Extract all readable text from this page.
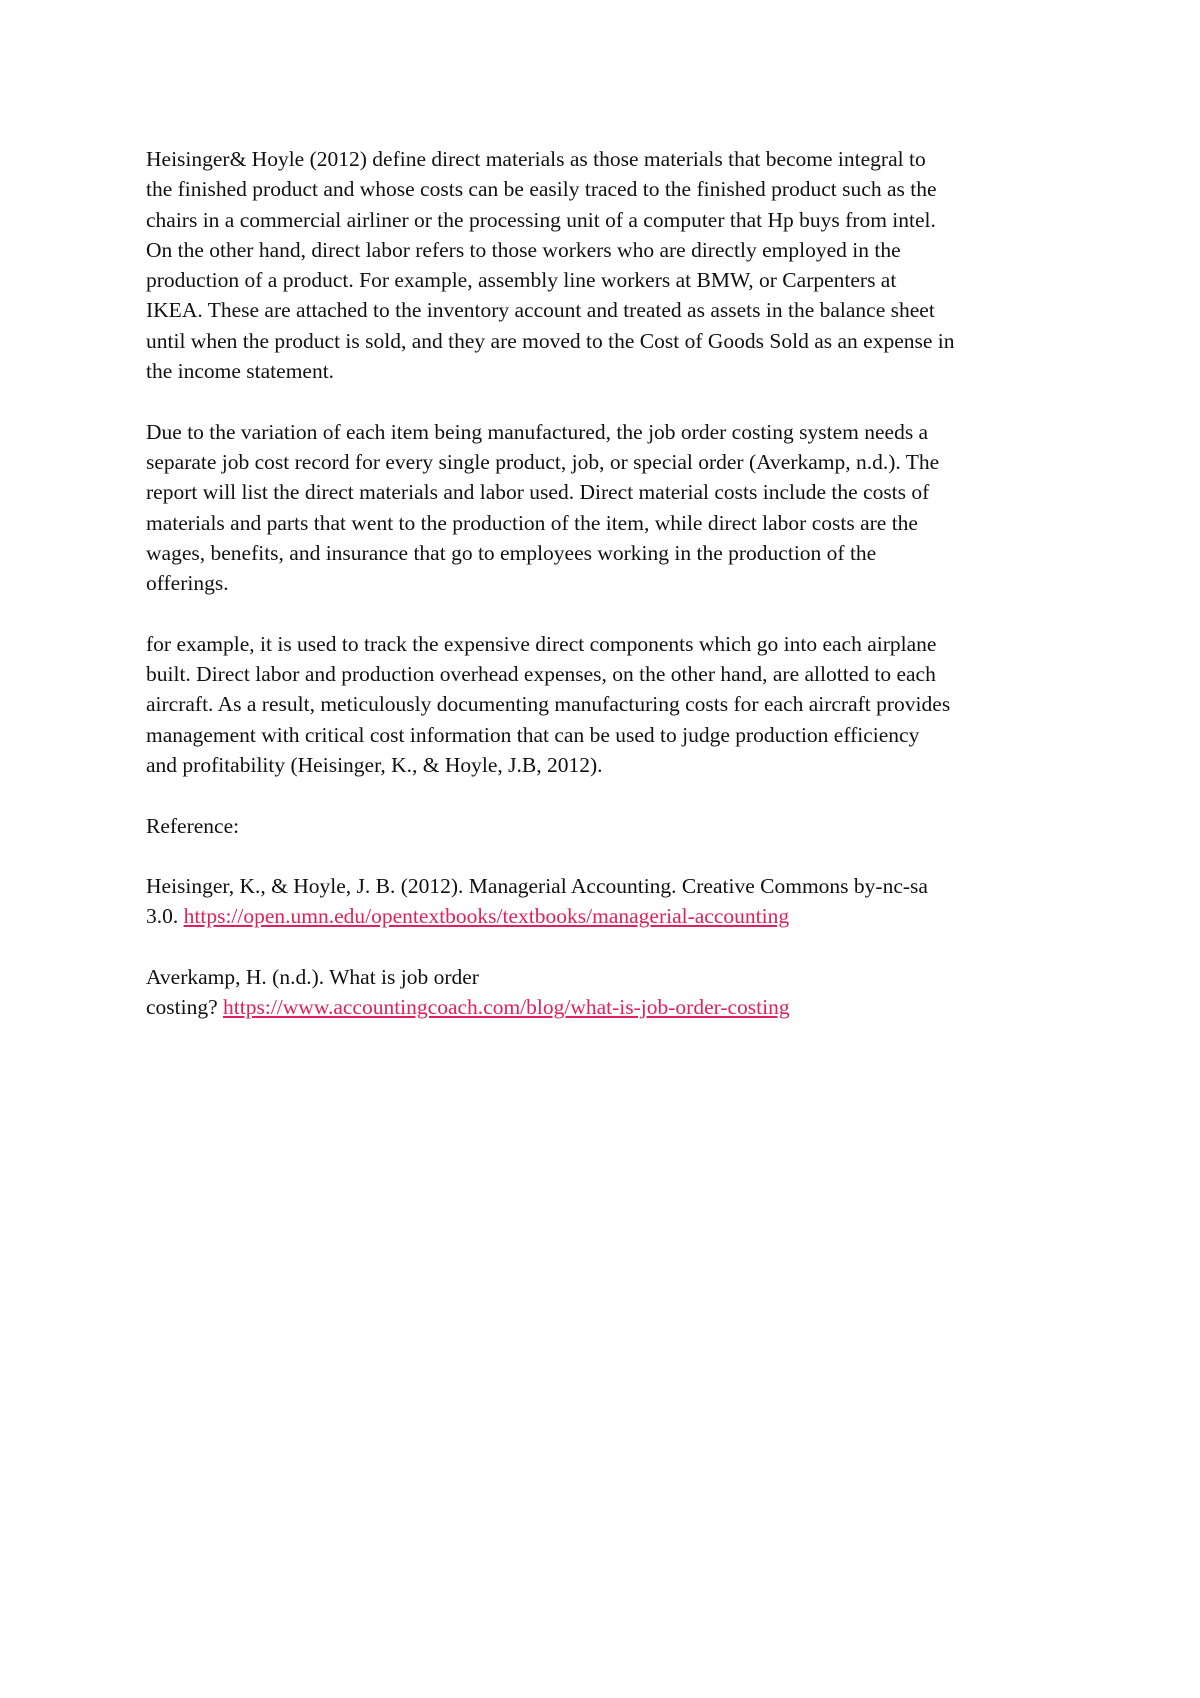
Heisinger& Hoyle (2012) define direct materials as those materials that become integral to
the finished product and whose costs can be easily traced to the finished product such as the
chairs in a commercial airliner or the processing unit of a computer that Hp buys from intel.
On the other hand, direct labor refers to those workers who are directly employed in the
production of a product. For example, assembly line workers at BMW, or Carpenters at
IKEA. These are attached to the inventory account and treated as assets in the balance sheet
until when the product is sold, and they are moved to the Cost of Goods Sold as an expense in
the income statement.

Due to the variation of each item being manufactured, the job order costing system needs a
separate job cost record for every single product, job, or special order (Averkamp, n.d.). The
report will list the direct materials and labor used. Direct material costs include the costs of
materials and parts that went to the production of the item, while direct labor costs are the
wages, benefits, and insurance that go to employees working in the production of the
offerings.

for example, it is used to track the expensive direct components which go into each airplane
built. Direct labor and production overhead expenses, on the other hand, are allotted to each
aircraft. As a result, meticulously documenting manufacturing costs for each aircraft provides
management with critical cost information that can be used to judge production efficiency
and profitability (Heisinger, K., & Hoyle, J.B, 2012).

Reference:

Heisinger, K., & Hoyle, J. B. (2012). Managerial Accounting. Creative Commons by-nc-sa
3.0. https://open.umn.edu/opentextbooks/textbooks/managerial-accounting

Averkamp, H. (n.d.). What is job order
costing? https://www.accountingcoach.com/blog/what-is-job-order-costing
